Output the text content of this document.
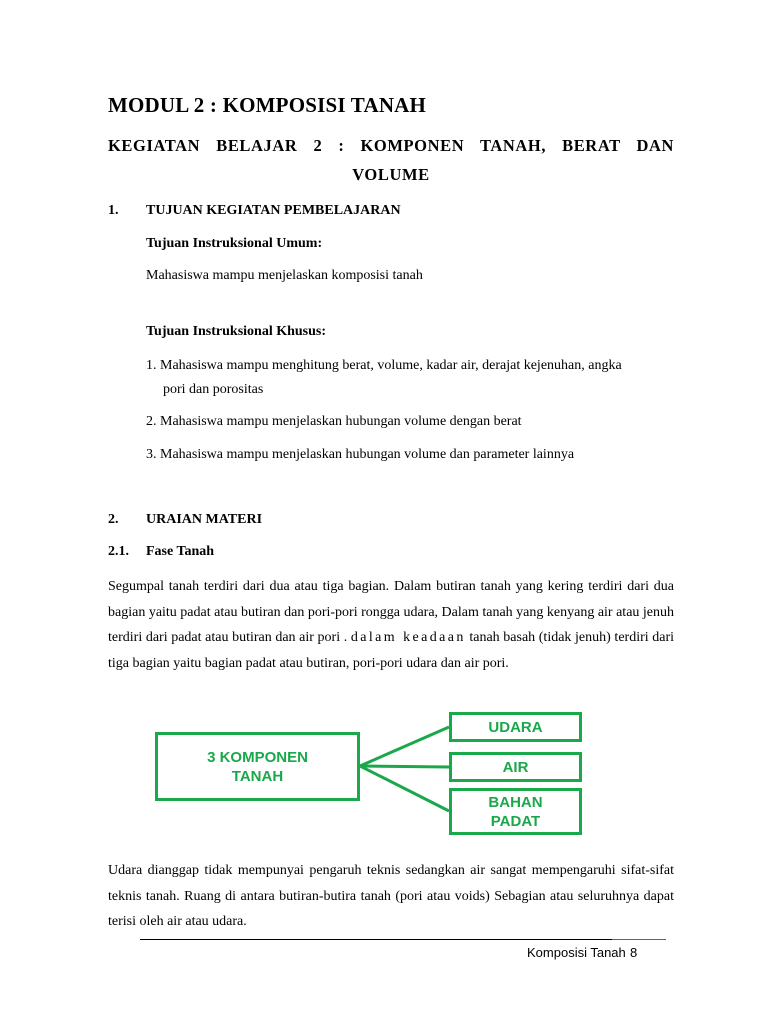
MODUL 2 : KOMPOSISI TANAH
KEGIATAN BELAJAR 2 : KOMPONEN TANAH, BERAT DAN
VOLUME
1. TUJUAN KEGIATAN PEMBELAJARAN
Tujuan Instruksional Umum:
Mahasiswa mampu menjelaskan komposisi tanah
Tujuan Instruksional Khusus:
1. Mahasiswa mampu menghitung berat, volume, kadar air, derajat kejenuhan, angka
pori dan porositas
2. Mahasiswa mampu menjelaskan hubungan volume dengan berat
3. Mahasiswa mampu menjelaskan hubungan volume dan parameter lainnya
2. URAIAN MATERI
2.1. Fase Tanah
Segumpal tanah terdiri dari dua atau tiga bagian. Dalam butiran tanah yang kering terdiri dari dua bagian yaitu padat atau butiran dan pori-pori rongga udara, Dalam tanah yang kenyang air atau jenuh terdiri dari padat atau butiran dan air pori . dalam keadaan tanah basah (tidak jenuh) terdiri dari tiga bagian yaitu bagian padat atau butiran, pori-pori udara dan air pori.
3 KOMPONEN
TANAH
UDARA
AIR
BAHAN
PADAT
Udara dianggap tidak mempunyai pengaruh teknis sedangkan air sangat mempengaruhi sifat-sifat teknis tanah. Ruang di antara butiran-butira tanah (pori atau voids) Sebagian atau seluruhnya dapat terisi oleh air atau udara.
Komposisi Tanah 8
